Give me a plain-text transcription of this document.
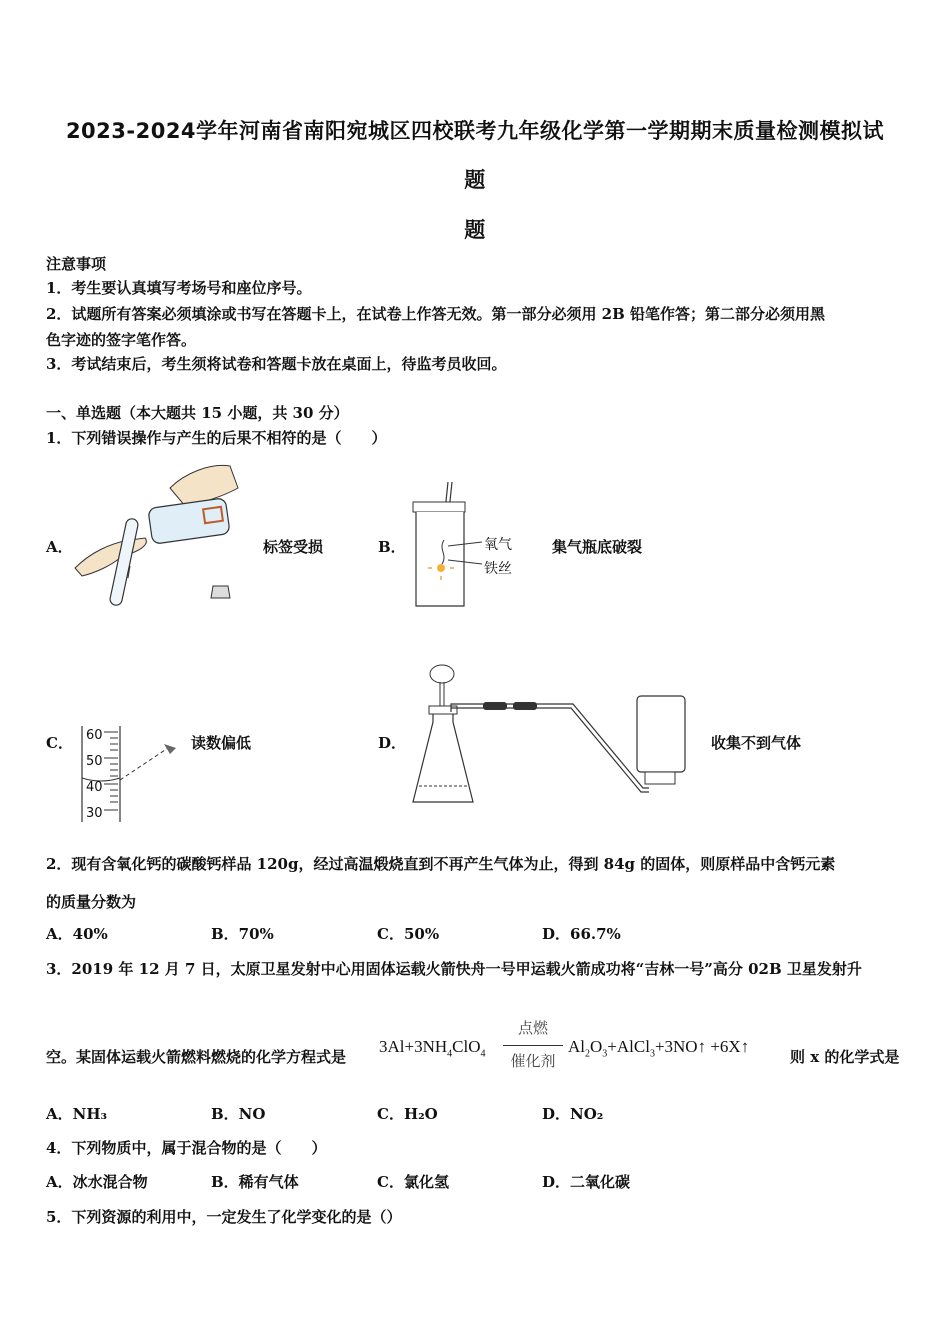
2023-2024学年河南省南阳宛城区四校联考九年级化学第一学期期末质量检测模拟试
题
题
注意事项
1．考生要认真填写考场号和座位序号。
2．试题所有答案必须填涂或书写在答题卡上，在试卷上作答无效。第一部分必须用 2B 铅笔作答；第二部分必须用黑
色字迹的签字笔作答。
3．考试结束后，考生须将试卷和答题卡放在桌面上，待监考员收回。
一、单选题（本大题共 15 小题，共 30 分）
1．下列错误操作与产生的后果不相符的是（　　）
A．	标签受损	B．	氧气
铁丝
集气瓶底破裂
C． 60
50
40
30
读数偏低	D．	收集不到气体
2．现有含氧化钙的碳酸钙样品 120g，经过高温煅烧直到不再产生气体为止，得到 84g 的固体，则原样品中含钙元素
的质量分数为
A．40%	B．70%	C．50%	D．66.7%
3．2019 年 12 月 7 日，太原卫星发射中心用固体运载火箭快舟一号甲运载火箭成功将“吉林一号”高分 02B 卫星发射升
空。某固体运载火箭燃料燃烧的化学方程式是
$3Al+3NH_4ClO_4$
点燃
催化剂
$Al_2O_3+AlCl_3+3NO↑$ +6X↑
则 x 的化学式是
A．NH₃	B．NO	C．H₂O	D．NO₂
4．下列物质中，属于混合物的是（　　）
A．冰水混合物	B．稀有气体	C．氯化氢	D．二氧化碳
5．下列资源的利用中，一定发生了化学变化的是（）
